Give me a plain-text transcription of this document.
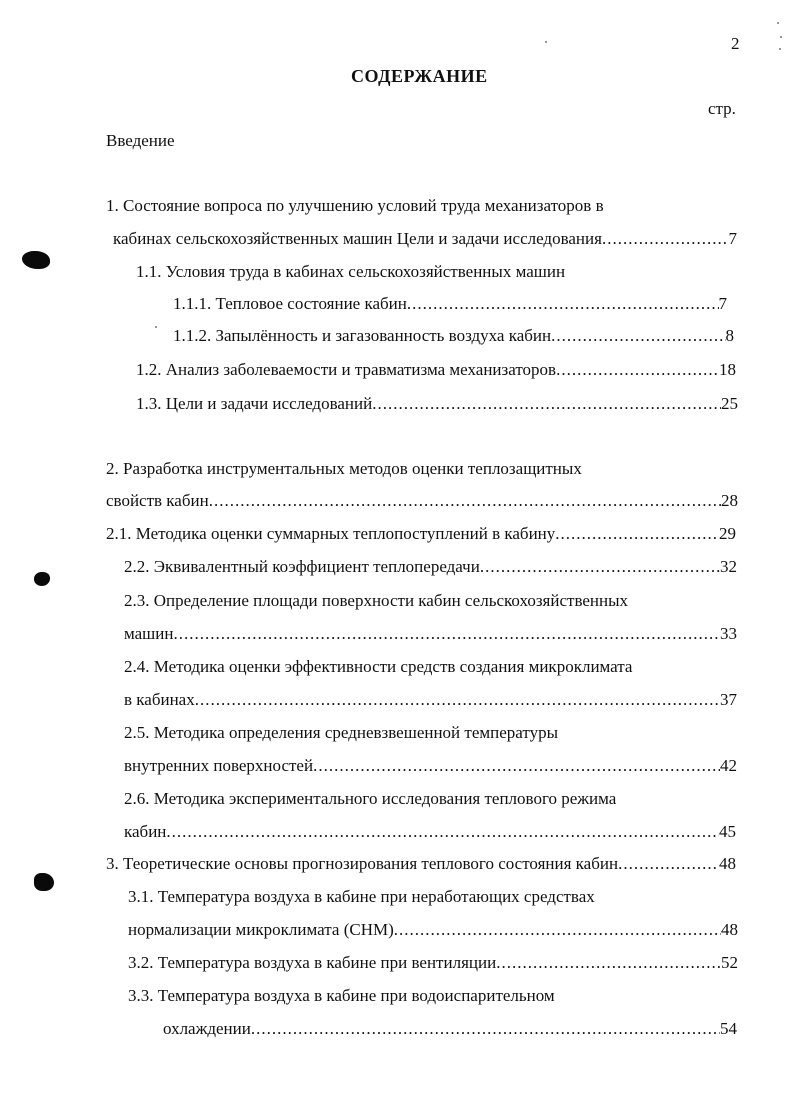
2
СОДЕРЖАНИЕ
стр.
Введение
1. Состояние вопроса по улучшению условий труда механизаторов в
кабинах сельскохозяйственных машин Цели и задачи исследования .....	7
1.1. Условия труда в кабинах сельскохозяйственных машин
1.1.1. Тепловое состояние кабин .....	7
1.1.2. Запылённость и загазованность воздуха кабин .....	8
1.2. Анализ заболеваемости и травматизма механизаторов .....	18
1.3. Цели и задачи исследований .....	25
2. Разработка инструментальных методов оценки теплозащитных
свойств кабин .....	28
2.1. Методика оценки суммарных теплопоступлений в кабину .....	29
2.2. Эквивалентный коэффициент теплопередачи .....	32
2.3. Определение площади поверхности кабин сельскохозяйственных
машин .....	33
2.4. Методика оценки эффективности средств создания микроклимата
в кабинах .....	37
2.5. Методика определения средневзвешенной температуры
внутренних поверхностей .....	42
2.6. Методика экспериментального исследования теплового режима
кабин .....	45
3. Теоретические основы прогнозирования теплового состояния кабин .....	48
3.1. Температура воздуха в кабине при неработающих средствах
нормализации микроклимата (СНМ) .....	48
3.2. Температура воздуха в кабине при вентиляции .....	52
3.3. Температура воздуха в кабине при водоиспарительном
охлаждении .....	54
